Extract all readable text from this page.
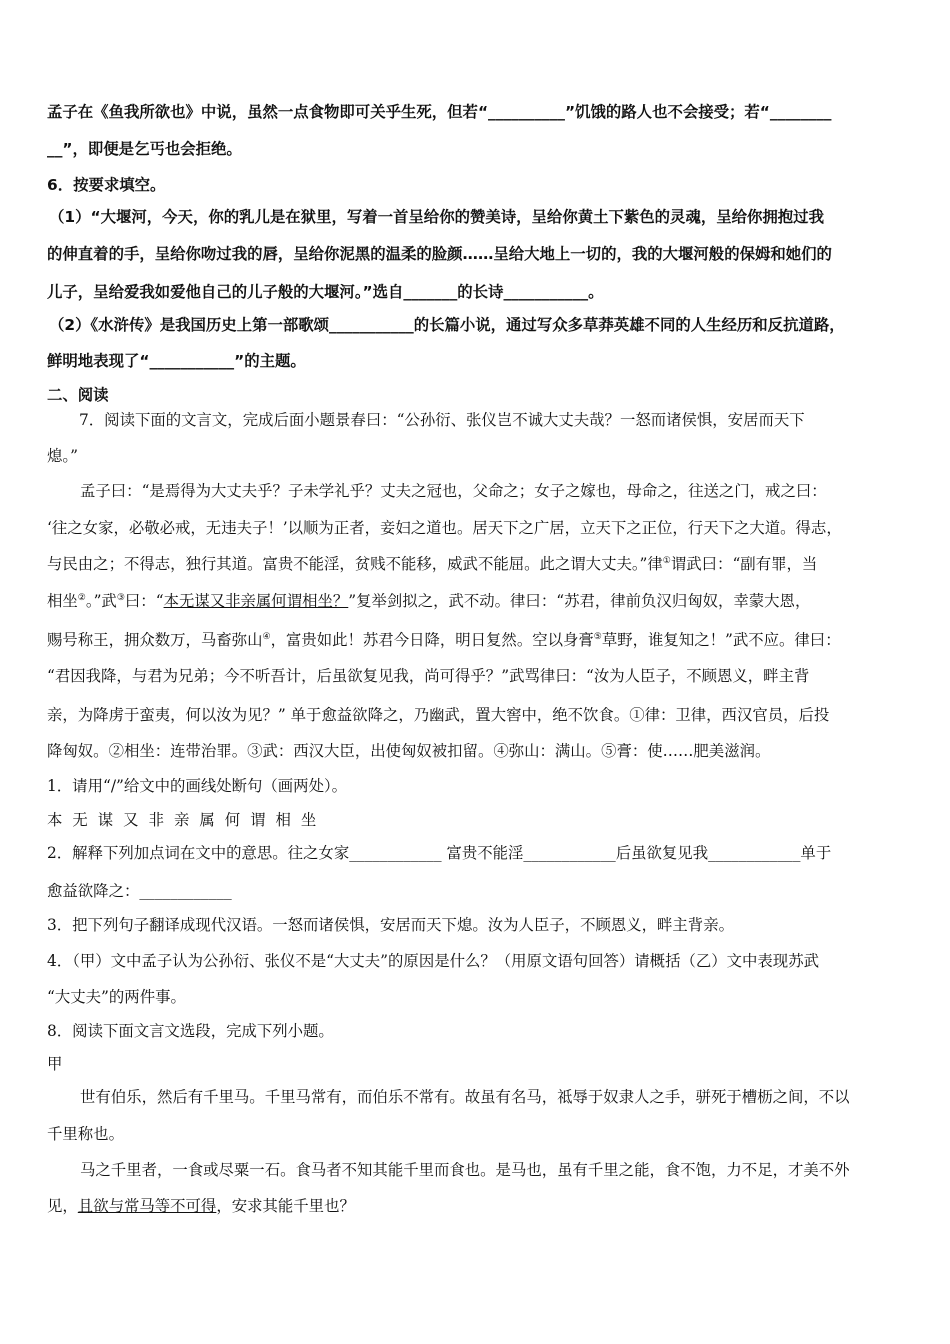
孟子在《鱼我所欲也》中说，虽然一点食物即可关乎生死，但若“__________”饥饿的路人也不会接受；若“________
__”，即便是乞丐也会拒绝。
6．按要求填空。
（1）“大堰河，今天，你的乳儿是在狱里，写着一首呈给你的赞美诗，呈给你黄土下紫色的灵魂，呈给你拥抱过我
的伸直着的手，呈给你吻过我的唇，呈给你泥黑的温柔的脸颜……呈给大地上一切的，我的大堰河般的保姆和她们的
儿子，呈给爱我如爱他自己的儿子般的大堰河。”选自_______的长诗___________。
（2）《水浒传》是我国历史上第一部歌颂___________的长篇小说，通过写众多草莽英雄不同的人生经历和反抗道路，
鲜明地表现了“___________”的主题。
二、阅读
7．阅读下面的文言文，完成后面小题景春曰：“公孙衍、张仪岂不诚大丈夫哉？一怒而诸侯惧，安居而天下
熄。”
孟子曰：“是焉得为大丈夫乎？子未学礼乎？丈夫之冠也，父命之；女子之嫁也，母命之，往送之门，戒之曰：
‘往之女家，必敬必戒，无违夫子！’以顺为正者，妾妇之道也。居天下之广居，立天下之正位，行天下之大道。得志，
与民由之；不得志，独行其道。富贵不能淫，贫贱不能移，威武不能屈。此之谓大丈夫。”律①谓武曰：“副有罪，当
相坐②。”武③曰：“本无谋又非亲属何谓相坐？”复举剑拟之，武不动。律曰：“苏君，律前负汉归匈奴，幸蒙大恩，
赐号称王，拥众数万，马畜弥山④，富贵如此！苏君今日降，明日复然。空以身膏⑤草野，谁复知之！”武不应。律曰：
“君因我降，与君为兄弟；今不听吾计，后虽欲复见我，尚可得乎？”武骂律曰：“汝为人臣子，不顾恩义，畔主背
亲，为降虏于蛮夷，何以汝为见？” 单于愈益欲降之，乃幽武，置大窖中，绝不饮食。①律：卫律，西汉官员，后投
降匈奴。②相坐：连带治罪。③武：西汉大臣，出使匈奴被扣留。④弥山：满山。⑤膏：使……肥美滋润。
1．请用“/”给文中的画线处断句（画两处）。
本无谋又非亲属何谓相坐
2．解释下列加点词在文中的意思。往之女家____________ 富贵不能淫____________后虽欲复见我____________单于
愈益欲降之：____________
3．把下列句子翻译成现代汉语。一怒而诸侯惧，安居而天下熄。汝为人臣子，不顾恩义，畔主背亲。
4．（甲）文中孟子认为公孙衍、张仪不是“大丈夫”的原因是什么？（用原文语句回答）请概括（乙）文中表现苏武
“大丈夫”的两件事。
8．阅读下面文言文选段，完成下列小题。
甲
世有伯乐，然后有千里马。千里马常有，而伯乐不常有。故虽有名马，祗辱于奴隶人之手，骈死于槽枥之间，不以
千里称也。
马之千里者，一食或尽粟一石。食马者不知其能千里而食也。是马也，虽有千里之能，食不饱，力不足，才美不外
见，且欲与常马等不可得，安求其能千里也？
